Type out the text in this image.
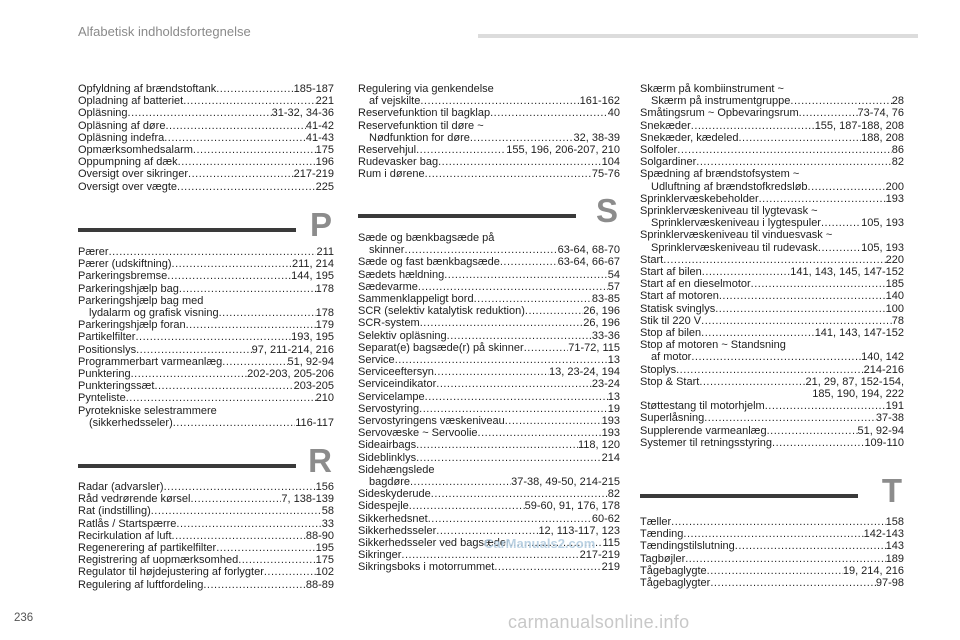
Alfabetisk indholdsfortegnelse
Opfyldning af brændstoftank .....	185-187
Opladning af batteriet .....	221
Opläsning .....	31-32, 34-36
Opläsning af døre .....	41-42
Opläsning indefra .....	41-43
Opmærksomhedsalarm .....	175
Oppumpning af dæk .....	196
Oversigt over sikringer .....	217-219
Oversigt over vægte .....	225
P
Pærer .....	211
Pærer (udskiftning) .....	211, 214
Parkeringsbremse .....	144, 195
Parkeringshjælp bag .....	178
Parkeringshjælp bag med
lydalarm og grafisk visning .....	178
Parkeringshjælp foran .....	179
Partikelfilter .....	193, 195
Positionslys .....	97, 211-214, 216
Programmerbart varmeanlæg .....	51, 92-94
Punktering .....	202-203, 205-206
Punkteringssæt .....	203-205
Pynteliste .....	210
Pyrotekniske selestrammere
(sikkerhedsseler) .....	116-117
R
Radar (advarsler) .....	156
Råd vedrørende kørsel .....	7, 138-139
Rat (indstilling) .....	58
Ratlås / Startspærre .....	33
Recirkulation af luft .....	88-90
Regenerering af partikelfilter .....	195
Registrering af uopmærksomhed .....	175
Regulator til højdejustering af forlygter .....	102
Regulering af luftfordeling .....	88-89
Regulering via genkendelse
af vejskilte .....	161-162
Reservefunktion til bagklap .....	40
Reservefunktion til døre ~
Nødfunktion for døre .....	32, 38-39
Reservehjul .....	155, 196, 206-207, 210
Rudevasker bag .....	104
Rum i dørene .....	75-76
S
Sæde og bænkbagsæde på
skinner .....	63-64, 68-70
Sæde og fast bænkbagsæde .....	63-64, 66-67
Sædets hældning .....	54
Sædevarme .....	57
Sammenklappeligt bord .....	83-85
SCR (selektiv katalytisk reduktion) .....	26, 196
SCR-system .....	26, 196
Selektiv opläsning .....	33-36
Separat(e) bagsæde(r) på skinner .....	71-72, 115
Service .....	13
Serviceeftersyn .....	13, 23-24, 194
Serviceindikator .....	23-24
Servicelampe .....	13
Servostyring .....	19
Servostyringens væskeniveau .....	193
Servovæske ~ Servoolie .....	193
Sideairbags .....	118, 120
Sideblinklys .....	214
Sidehængslede
bagdøre .....	37-38, 49-50, 214-215
Sideskyderude .....	82
Sidespejle .....	59-60, 91, 176, 178
Sikkerhedsnet .....	60-62
Sikkerhedsseler .....	12, 113-117, 123
Sikkerhedsseler ved bagsæder .....	115
Sikringer .....	217-219
Sikringsboks i motorrummet .....	219
Skærm på kombiinstrument ~
Skærm på instrumentgruppe .....	28
Småtingsrum ~ Opbevaringsrum .....	73-74, 76
Snekæder .....	155, 187-188, 208
Snekæder, kædeled .....	188, 208
Solfoler .....	86
Solgardiner .....	82
Spædning af brændstofsystem ~
Udluftning af brændstofkredsløb .....	200
Sprinklervæskebeholder .....	193
Sprinklervæskeniveau til lygtevask ~
Sprinklervæskeniveau i lygtespuler .....	105, 193
Sprinklervæskeniveau til vinduesvask ~
Sprinklervæskeniveau til rudevask .....	105, 193
Start .....	220
Start af bilen .....	141, 143, 145, 147-152
Start af en dieselmotor .....	185
Start af motoren .....	140
Statisk svinglys .....	100
Stik til 220 V .....	78
Stop af bilen .....	141, 143, 147-152
Stop af motoren ~ Standsning
af motor .....	140, 142
Stoplys .....	214-216
Stop & Start .....	21, 29, 87, 152-154,
185, 190, 194, 222
Støttestang til motorhjelm .....	191
Superlåsning .....	37-38
Supplerende varmeanlæg .....	51, 92-94
Systemer til retningsstyring .....	109-110
T
Tæller .....	158
Tænding .....	142-143
Tændingstilslutning .....	143
Tagbøjler .....	189
Tågebaglygte .....	19, 214, 216
Tågebaglygter .....	97-98
CarManuals2.com
carmanualsonline.info
236
